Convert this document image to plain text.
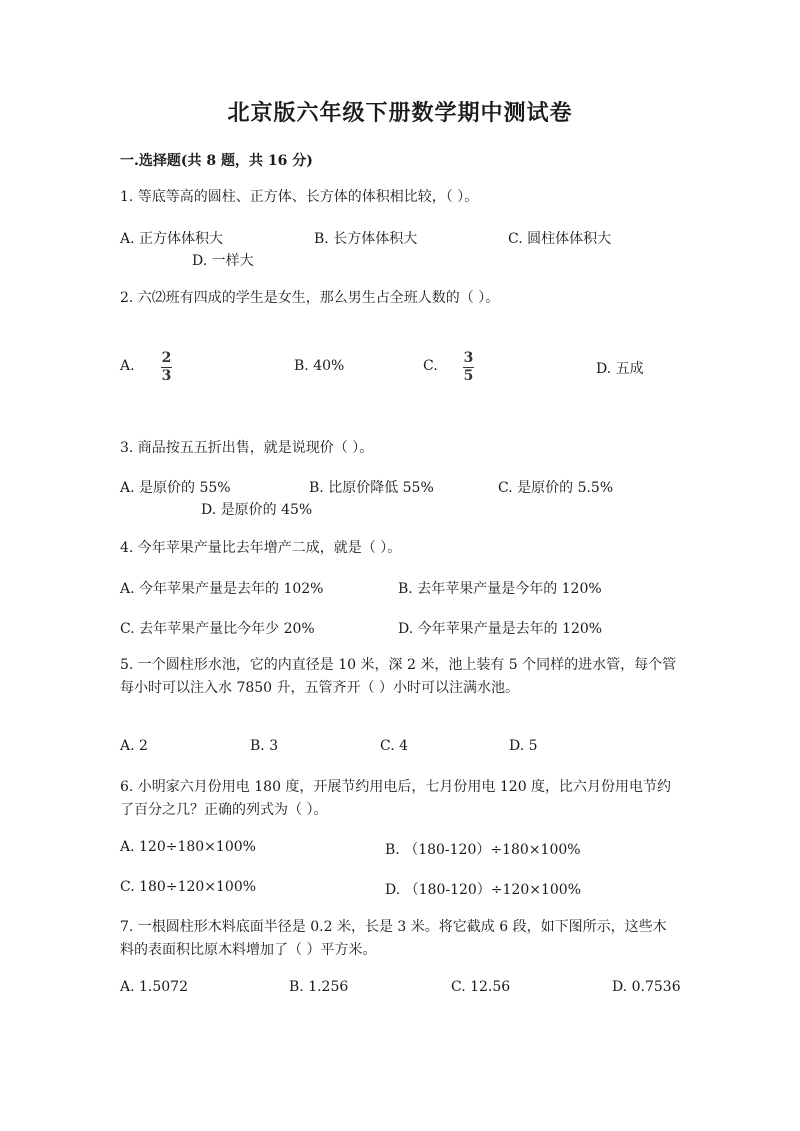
北京版六年级下册数学期中测试卷
一.选择题(共 8 题，共 16 分)
1. 等底等高的圆柱、正方体、长方体的体积相比较，（ ）。
A. 正方体体积大	B. 长方体体积大	C. 圆柱体体积大
D. 一样大
2. 六⑵班有四成的学生是女生，那么男生占全班人数的（ ）。
A. 2
3
B. 40%	C. 3
5	D. 五成
3. 商品按五五折出售，就是说现价（ ）。
A. 是原价的 55%	B. 比原价降低 55%	C. 是原价的 5.5%
D. 是原价的 45%
4. 今年苹果产量比去年增产二成，就是（ ）。
A. 今年苹果产量是去年的 102%	B. 去年苹果产量是今年的 120%
C. 去年苹果产量比今年少 20%	D. 今年苹果产量是去年的 120%
5. 一个圆柱形水池，它的内直径是 10 米，深 2 米，池上装有 5 个同样的进水管，每个管每小时可以注入水 7850 升，五管齐开（ ）小时可以注满水池。
A. 2	B. 3	C. 4	D. 5
6. 小明家六月份用电 180 度，开展节约用电后，七月份用电 120 度，比六月份用电节约了百分之几？正确的列式为（ ）。
A. 120÷180×100%	B. （180-120）÷180×100%
C. 180÷120×100%	D. （180-120）÷120×100%
7. 一根圆柱形木料底面半径是 0.2 米，长是 3 米。将它截成 6 段，如下图所示，这些木料的表面积比原木料增加了（ ）平方米。
A. 1.5072	B. 1.256	C. 12.56	D. 0.7536
